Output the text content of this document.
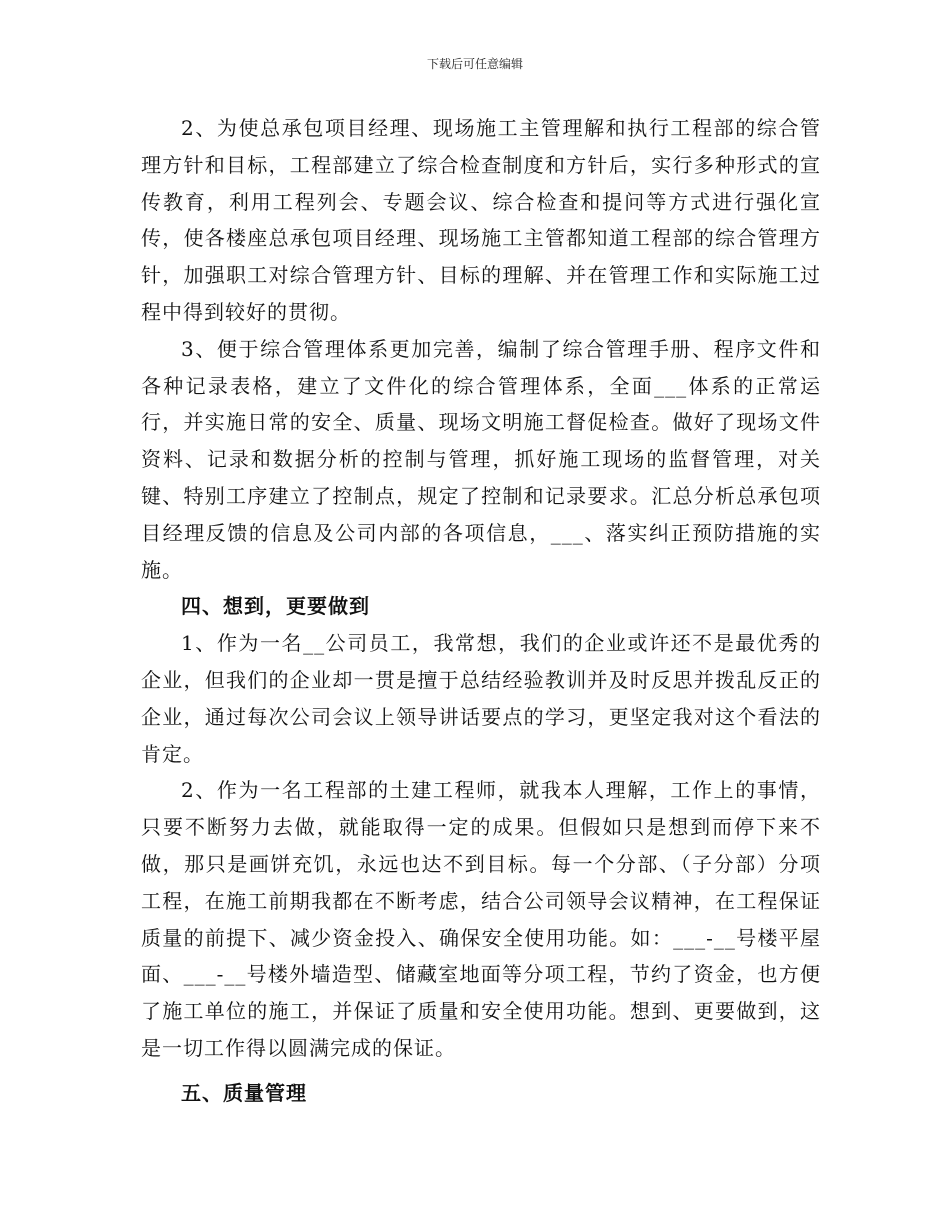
下载后可任意编辑

2、为使总承包项目经理、现场施工主管理解和执行工程部的综合管理方针和目标，工程部建立了综合检查制度和方针后，实行多种形式的宣传教育，利用工程列会、专题会议、综合检查和提问等方式进行强化宣传，使各楼座总承包项目经理、现场施工主管都知道工程部的综合管理方针，加强职工对综合管理方针、目标的理解、并在管理工作和实际施工过程中得到较好的贯彻。

3、便于综合管理体系更加完善，编制了综合管理手册、程序文件和各种记录表格，建立了文件化的综合管理体系，全面___体系的正常运行，并实施日常的安全、质量、现场文明施工督促检查。做好了现场文件资料、记录和数据分析的控制与管理，抓好施工现场的监督管理，对关键、特别工序建立了控制点，规定了控制和记录要求。汇总分析总承包项目经理反馈的信息及公司内部的各项信息，___、落实纠正预防措施的实施。

四、想到，更要做到

1、作为一名__公司员工，我常想，我们的企业或许还不是最优秀的企业，但我们的企业却一贯是擅于总结经验教训并及时反思并拨乱反正的企业，通过每次公司会议上领导讲话要点的学习，更坚定我对这个看法的肯定。

2、作为一名工程部的土建工程师，就我本人理解，工作上的事情，只要不断努力去做，就能取得一定的成果。但假如只是想到而停下来不做，那只是画饼充饥，永远也达不到目标。每一个分部、（子分部）分项工程，在施工前期我都在不断考虑，结合公司领导会议精神，在工程保证质量的前提下、减少资金投入、确保安全使用功能。如：___-__号楼平屋面、___-__号楼外墙造型、储藏室地面等分项工程，节约了资金，也方便了施工单位的施工，并保证了质量和安全使用功能。想到、更要做到，这是一切工作得以圆满完成的保证。

五、质量管理
